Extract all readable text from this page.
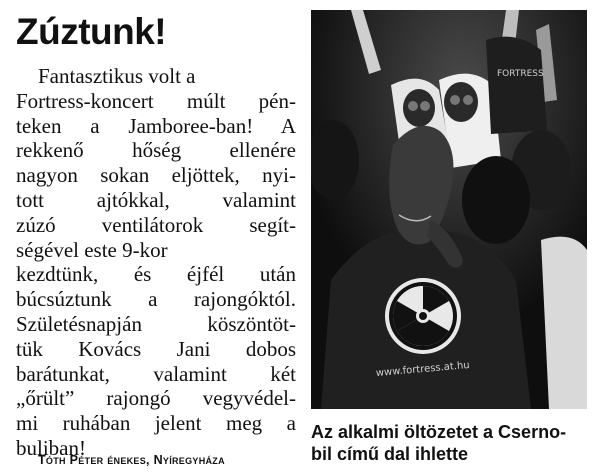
Zúztunk!
Fantasztikus volt a
Fortress-koncert múlt pén-
teken a Jamboree-ban! A
rekkenő hőség ellenére
nagyon sokan eljöttek, nyi-
tott ajtókkal, valamint
zúzó ventilátorok segít-
ségével este 9-kor
kezdtünk, és éjfél után
búcsúztunk a rajongóktól.
Születésnapján köszöntöt-
tük Kovács Jani dobos
barátunkat, valamint két
„őrült” rajongó vegyvédel-
mi ruhában jelent meg a
buliban!
Tóth Péter énekes, Nyíregyháza
FORTRESS
www.fortress.at.hu
Az alkalmi öltözetet a Cserno-
bil című dal ihlette
